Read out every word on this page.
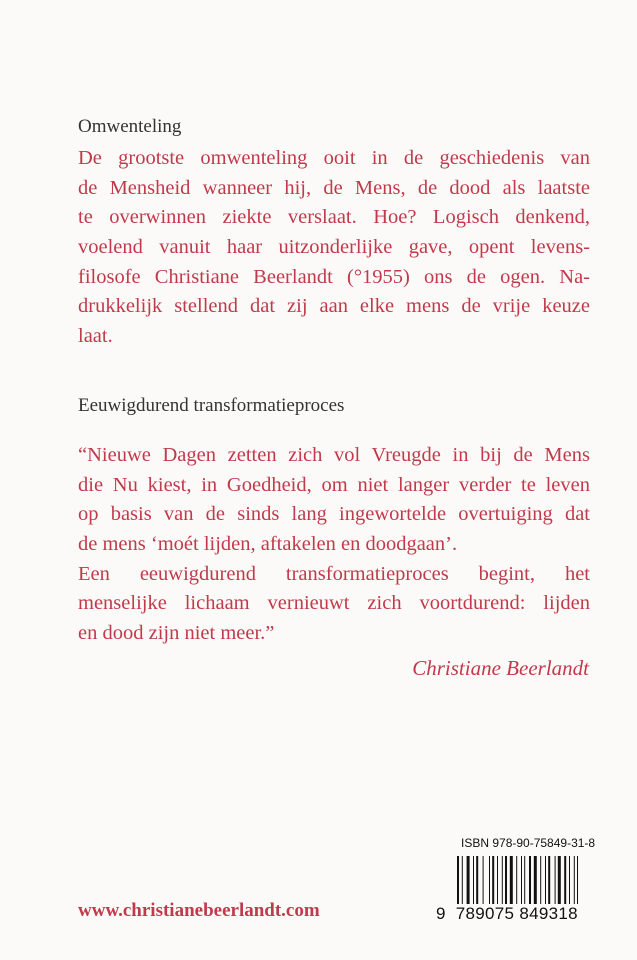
Omwenteling
De grootste omwenteling ooit in de geschiedenis van
de Mensheid wanneer hij, de Mens, de dood als laatste
te overwinnen ziekte verslaat. Hoe? Logisch denkend,
voelend vanuit haar uitzonderlijke gave, opent levens-
filosofe Christiane Beerlandt (°1955) ons de ogen. Na-
drukkelijk stellend dat zij aan elke mens de vrije keuze
laat.
Eeuwigdurend transformatieproces
“Nieuwe Dagen zetten zich vol Vreugde in bij de Mens
die Nu kiest, in Goedheid, om niet langer verder te leven
op basis van de sinds lang ingewortelde overtuiging dat
de mens ‘moét lijden, aftakelen en doodgaan’.
Een eeuwigdurend transformatieproces begint, het
menselijke lichaam vernieuwt zich voortdurend: lijden
en dood zijn niet meer.”
Christiane Beerlandt
www.christianebeerlandt.com
ISBN 978-90-75849-31-8
9 789075 849318
